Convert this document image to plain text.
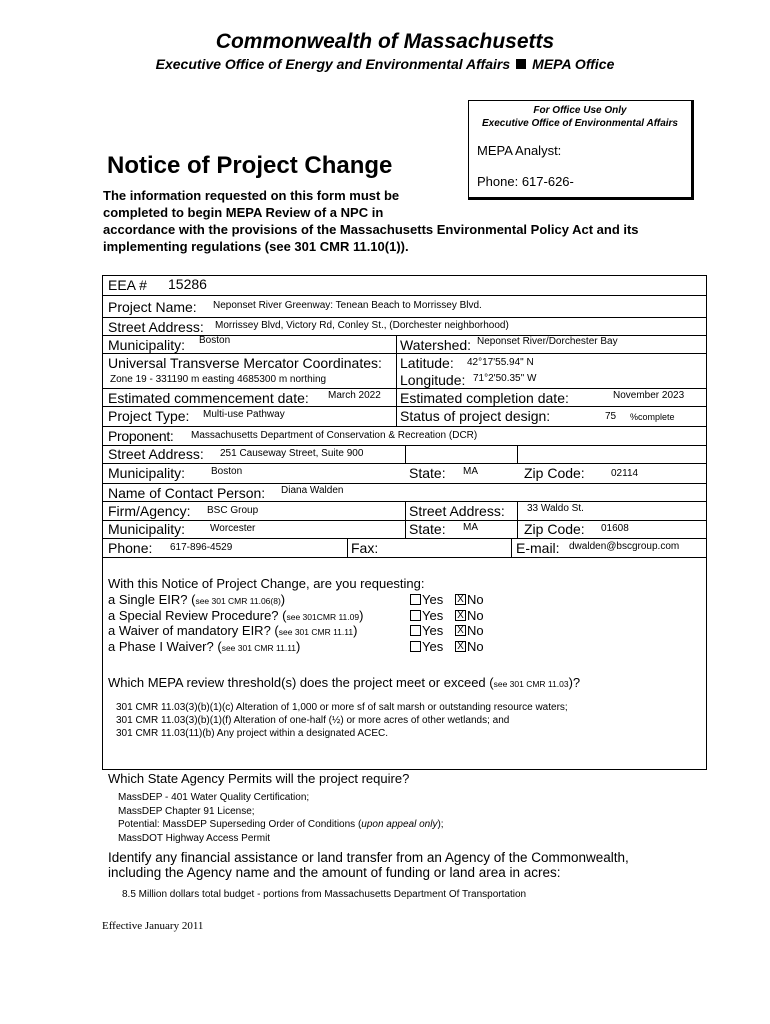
Commonwealth of Massachusetts
Executive Office of Energy and Environmental Affairs MEPA Office
For Office Use Only
Executive Office of Environmental Affairs
MEPA Analyst:
Phone: 617-626-
Notice of Project Change
The information requested on this form must be
completed to begin MEPA Review of a NPC in
accordance with the provisions of the Massachusetts Environmental Policy Act and its
implementing regulations (see 301 CMR 11.10(1)).
EEA # 15286
Project Name: Neponset River Greenway: Tenean Beach to Morrissey Blvd.
Street Address: Morrissey Blvd, Victory Rd, Conley St., (Dorchester neighborhood)
Municipality: Boston	Watershed: Neponset River/Dorchester Bay
Universal Transverse Mercator Coordinates:
Zone 19 - 331190 m easting 4685300 m northing
Latitude: 42°17'55.94" N
Longitude: 71°2'50.35" W
Estimated commencement date: March 2022 Estimated completion date:	November 2023
Project Type: Multi-use Pathway	Status of project design:	75 %complete
Proponent: Massachusetts Department of Conservation & Recreation (DCR)
Street Address: 251 Causeway Street, Suite 900
Municipality:	Boston	State: MA	Zip Code:	02114
Name of Contact Person: Diana Walden
Firm/Agency: BSC Group	Street Address: 33 Waldo St.
Municipality: Worcester	State: MA	Zip Code: 01608
Phone: 617-896-4529	Fax:	E-mail: dwalden@bscgroup.com
With this Notice of Project Change, are you requesting:
a Single EIR? (see 301 CMR 11.06(8))
a Special Review Procedure? (see 301CMR 11.09)
a Waiver of mandatory EIR? (see 301 CMR 11.11)
a Phase I Waiver? (see 301 CMR 11.11)
Yes X No
Yes X No
Yes X No
Yes X No
Which MEPA review threshold(s) does the project meet or exceed (see 301 CMR 11.03)?
301 CMR 11.03(3)(b)(1)(c) Alteration of 1,000 or more sf of salt marsh or outstanding resource waters;
301 CMR 11.03(3)(b)(1)(f) Alteration of one-half (½) or more acres of other wetlands; and
301 CMR 11.03(11)(b) Any project within a designated ACEC.
Which State Agency Permits will the project require?
MassDEP - 401 Water Quality Certification;
MassDEP Chapter 91 License;
Potential: MassDEP Superseding Order of Conditions (upon appeal only);
MassDOT Highway Access Permit
Identify any financial assistance or land transfer from an Agency of the Commonwealth,
including the Agency name and the amount of funding or land area in acres:
8.5 Million dollars total budget - portions from Massachusetts Department Of Transportation
Effective January 2011
